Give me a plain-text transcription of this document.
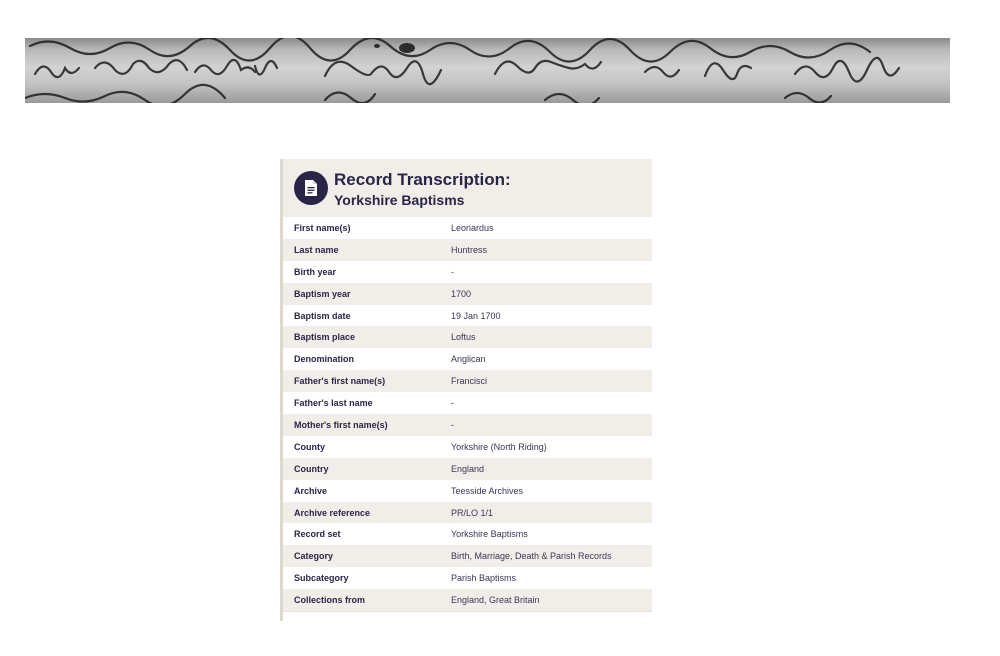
Record Transcription:
Yorkshire Baptisms
First name(s)	Leonardus
Last name	Huntress
Birth year	-
Baptism year	1700
Baptism date	19 Jan 1700
Baptism place	Loftus
Denomination	Anglican
Father's first name(s)	Francisci
Father's last name	-
Mother's first name(s)	-
County	Yorkshire (North Riding)
Country	England
Archive	Teesside Archives
Archive reference	PR/LO 1/1
Record set	Yorkshire Baptisms
Category	Birth, Marriage, Death & Parish Records
Subcategory	Parish Baptisms
Collections from	England, Great Britain
